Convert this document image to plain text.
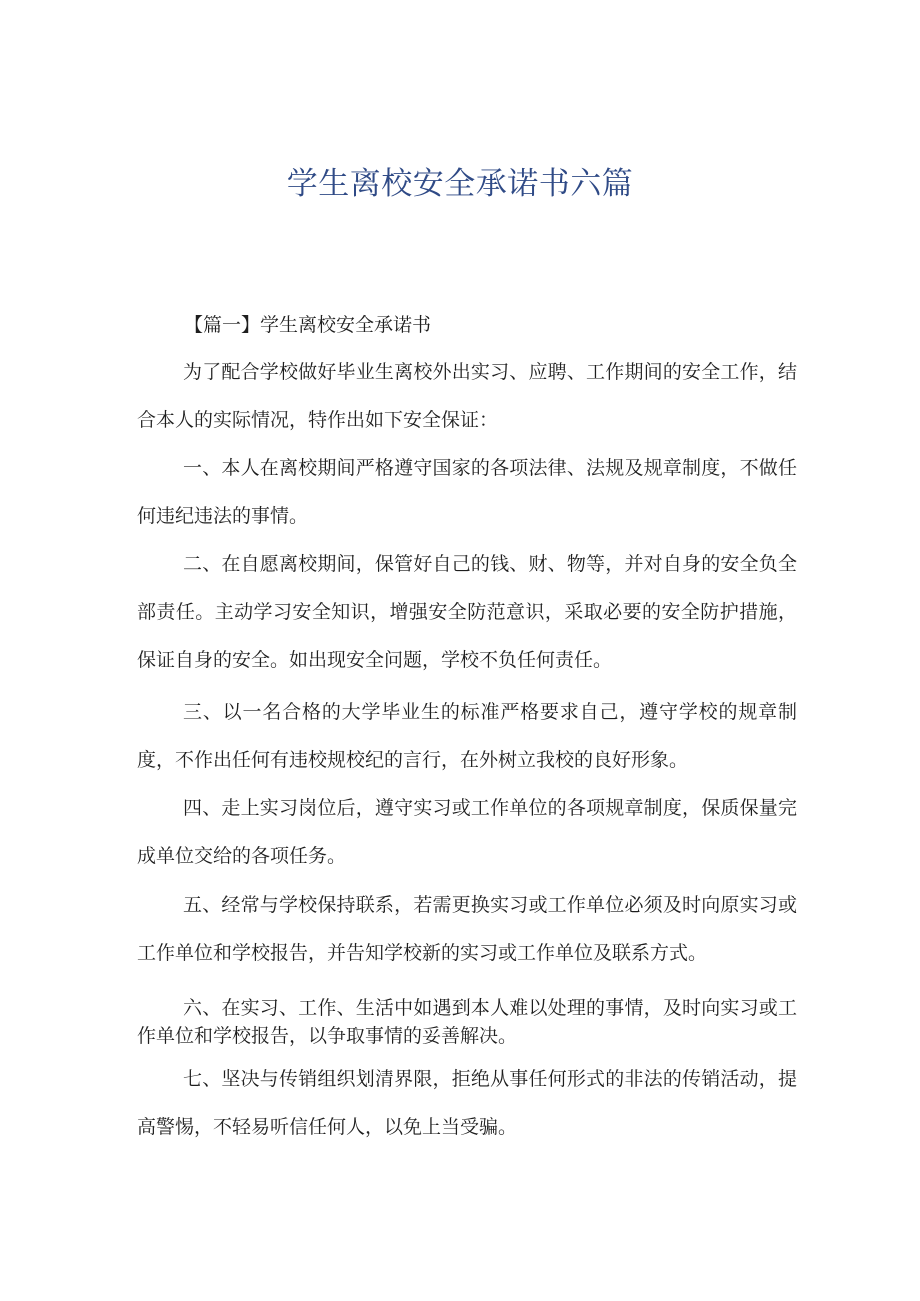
学生离校安全承诺书六篇

【篇一】学生离校安全承诺书

为了配合学校做好毕业生离校外出实习、应聘、工作期间的安全工作，结合本人的实际情况，特作出如下安全保证：

一、本人在离校期间严格遵守国家的各项法律、法规及规章制度，不做任何违纪违法的事情。

二、在自愿离校期间，保管好自己的钱、财、物等，并对自身的安全负全部责任。主动学习安全知识，增强安全防范意识，采取必要的安全防护措施，保证自身的安全。如出现安全问题，学校不负任何责任。

三、以一名合格的大学毕业生的标准严格要求自己，遵守学校的规章制度，不作出任何有违校规校纪的言行，在外树立我校的良好形象。

四、走上实习岗位后，遵守实习或工作单位的各项规章制度，保质保量完成单位交给的各项任务。

五、经常与学校保持联系，若需更换实习或工作单位必须及时向原实习或工作单位和学校报告，并告知学校新的实习或工作单位及联系方式。

六、在实习、工作、生活中如遇到本人难以处理的事情，及时向实习或工作单位和学校报告，以争取事情的妥善解决。

七、坚决与传销组织划清界限，拒绝从事任何形式的非法的传销活动，提高警惕，不轻易听信任何人，以免上当受骗。
